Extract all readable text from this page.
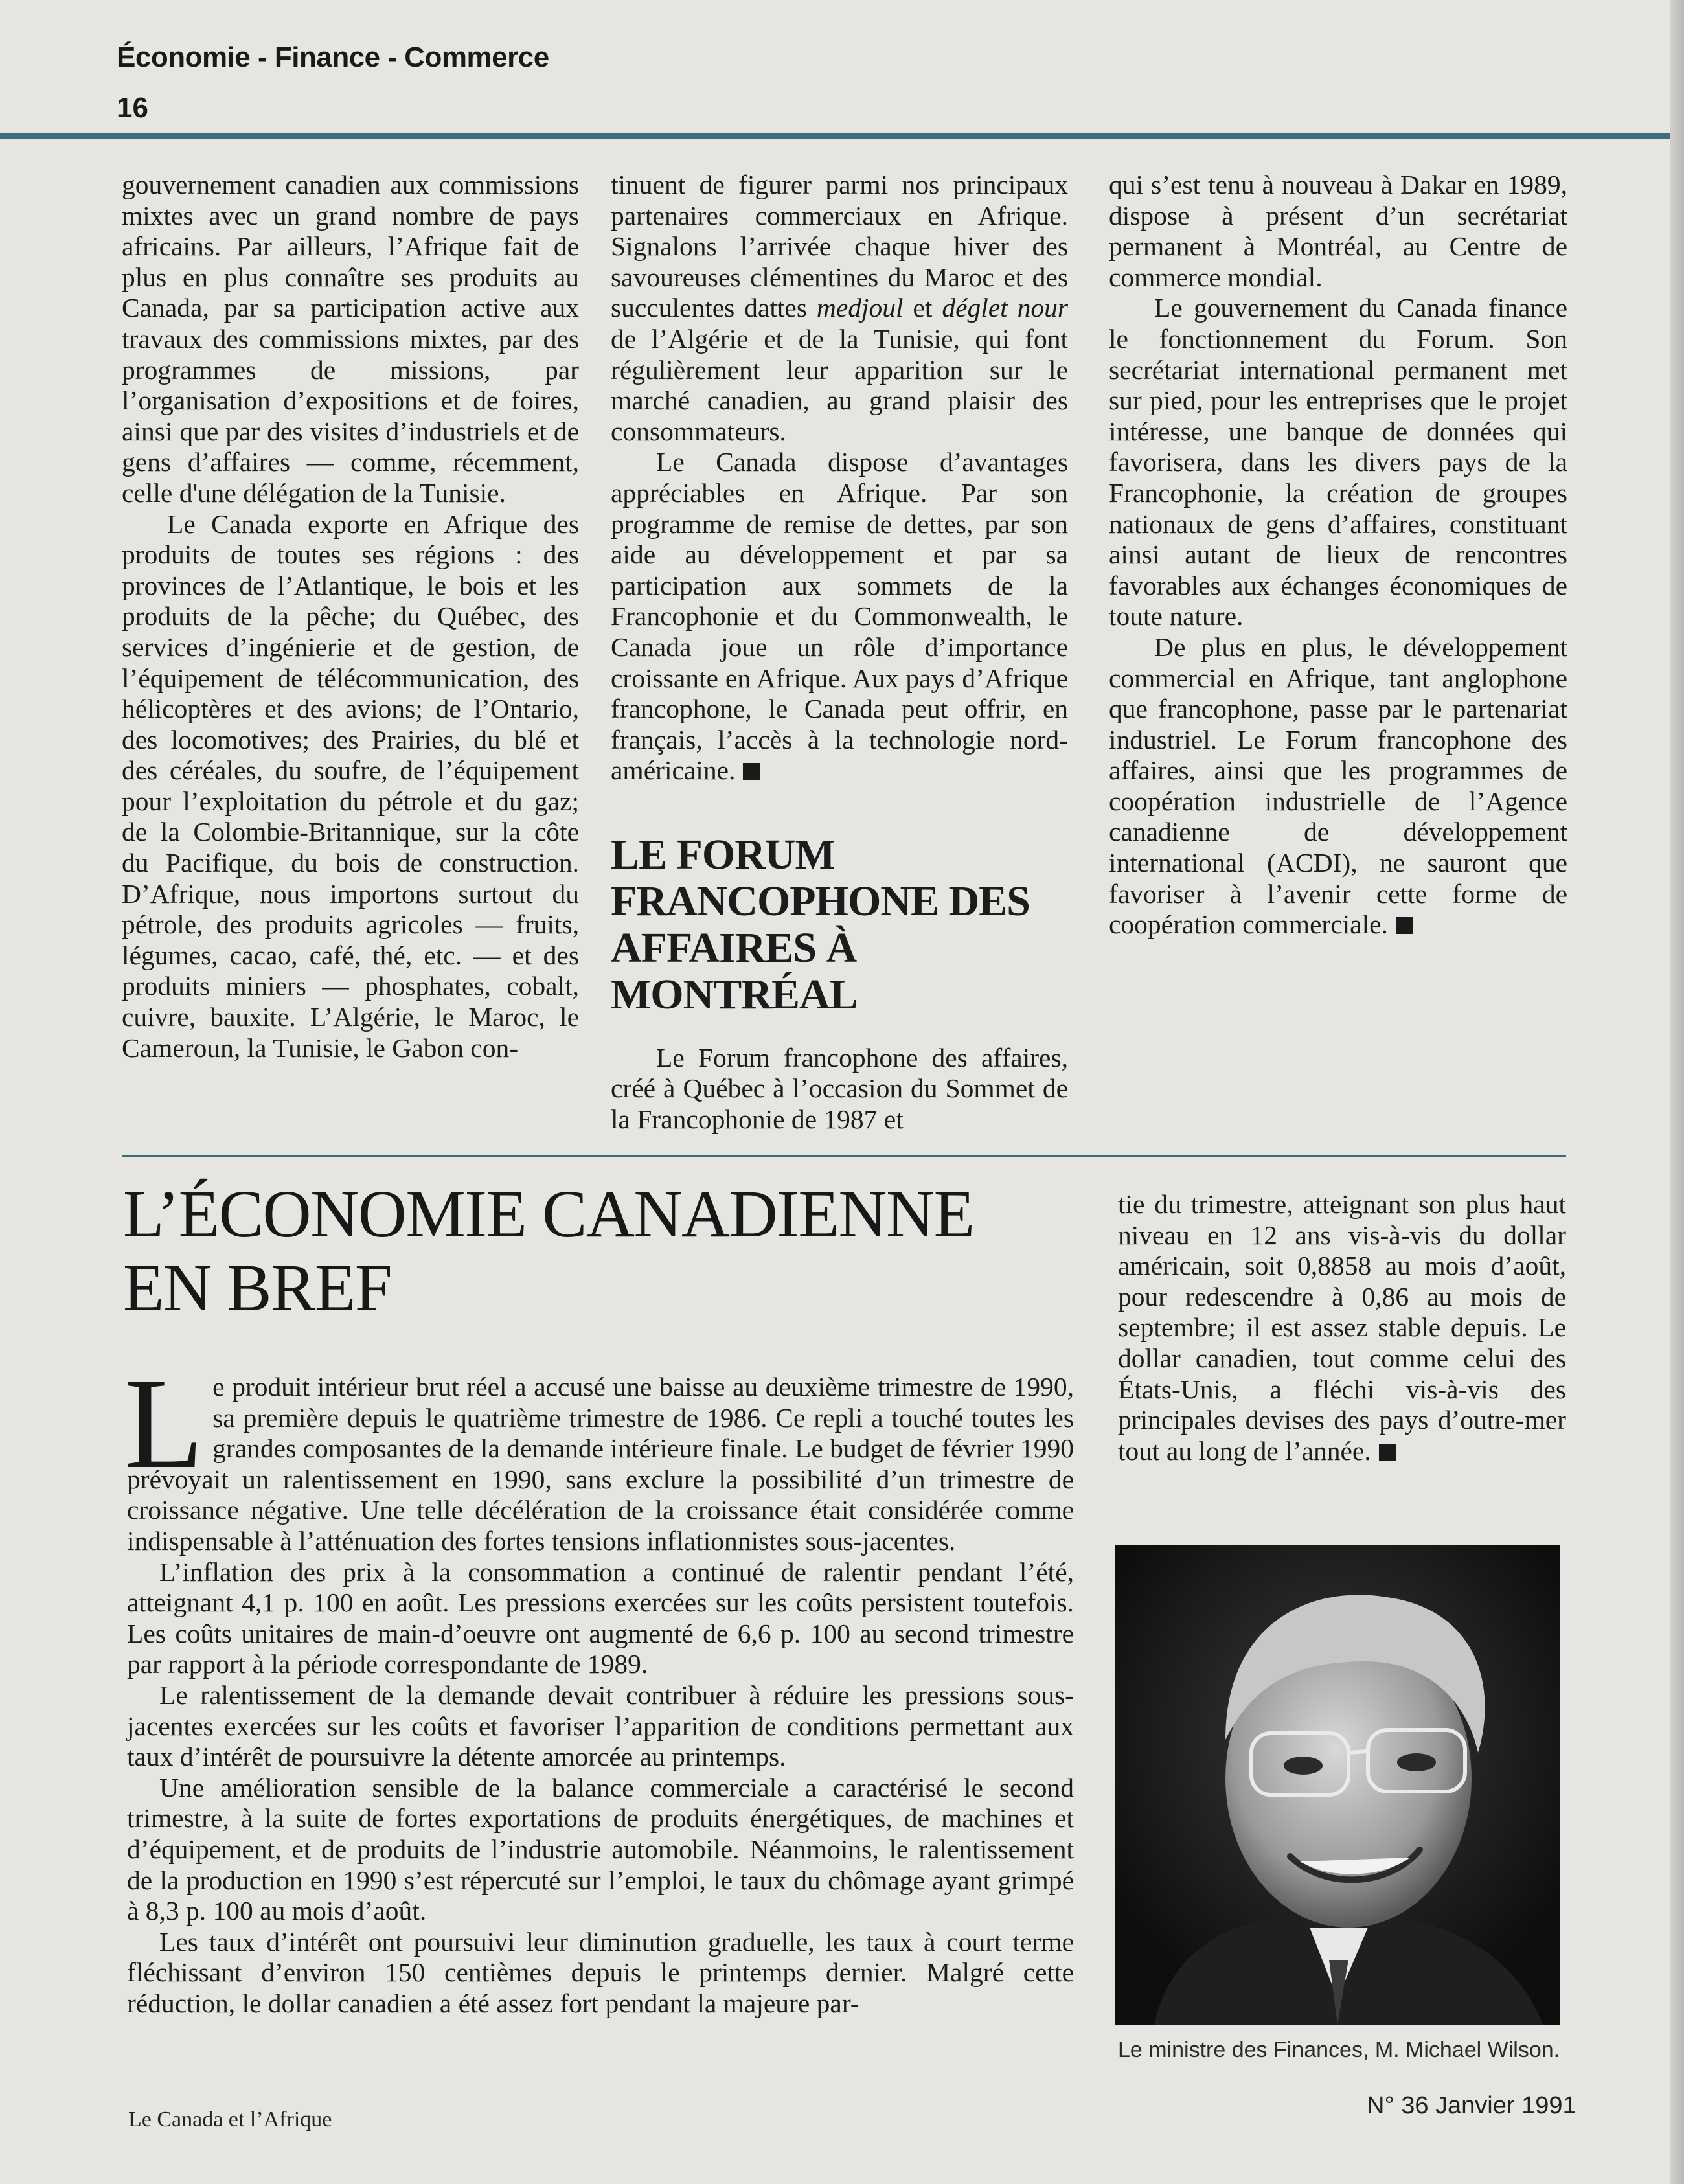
Économie - Finance - Commerce
16

gouvernement canadien aux commissions mixtes avec un grand nombre de pays africains. Par ailleurs, l’Afrique fait de plus en plus connaître ses produits au Canada, par sa participation active aux travaux des commissions mixtes, par des programmes de missions, par l’organisation d’expositions et de foires, ainsi que par des visites d’industriels et de gens d’affaires — comme, récemment, celle d'une délégation de la Tunisie.

Le Canada exporte en Afrique des produits de toutes ses régions : des provinces de l’Atlantique, le bois et les produits de la pêche; du Québec, des services d’ingénierie et de gestion, de l’équipement de télécommunication, des hélicoptères et des avions; de l’Ontario, des locomotives; des Prairies, du blé et des céréales, du soufre, de l’équipement pour l’exploitation du pétrole et du gaz; de la Colombie-Britannique, sur la côte du Pacifique, du bois de construction. D’Afrique, nous importons surtout du pétrole, des produits agricoles — fruits, légumes, cacao, café, thé, etc. — et des produits miniers — phosphates, cobalt, cuivre, bauxite. L’Algérie, le Maroc, le Cameroun, la Tunisie, le Gabon con-

tinuent de figurer parmi nos principaux partenaires commerciaux en Afrique. Signalons l’arrivée chaque hiver des savoureuses clémentines du Maroc et des succulentes dattes medjoul et déglet nour de l’Algérie et de la Tunisie, qui font régulièrement leur apparition sur le marché canadien, au grand plaisir des consommateurs.

Le Canada dispose d’avantages appréciables en Afrique. Par son programme de remise de dettes, par son aide au développement et par sa participation aux sommets de la Francophonie et du Commonwealth, le Canada joue un rôle d’importance croissante en Afrique. Aux pays d’Afrique francophone, le Canada peut offrir, en français, l’accès à la technologie nord-américaine.

LE FORUM FRANCOPHONE DES AFFAIRES À MONTRÉAL

Le Forum francophone des affaires, créé à Québec à l’occasion du Sommet de la Francophonie de 1987 et

qui s’est tenu à nouveau à Dakar en 1989, dispose à présent d’un secrétariat permanent à Montréal, au Centre de commerce mondial.

Le gouvernement du Canada finance le fonctionnement du Forum. Son secrétariat international permanent met sur pied, pour les entreprises que le projet intéresse, une banque de données qui favorisera, dans les divers pays de la Francophonie, la création de groupes nationaux de gens d’affaires, constituant ainsi autant de lieux de rencontres favorables aux échanges économiques de toute nature.

De plus en plus, le développement commercial en Afrique, tant anglophone que francophone, passe par le partenariat industriel. Le Forum francophone des affaires, ainsi que les programmes de coopération industrielle de l’Agence canadienne de développement international (ACDI), ne sauront que favoriser à l’avenir cette forme de coopération commerciale.

L’ÉCONOMIE CANADIENNE
EN BREF

Le produit intérieur brut réel a accusé une baisse au deuxième trimestre de 1990, sa première depuis le quatrième trimestre de 1986. Ce repli a touché toutes les grandes composantes de la demande intérieure finale. Le budget de février 1990 prévoyait un ralentissement en 1990, sans exclure la possibilité d’un trimestre de croissance négative. Une telle décélération de la croissance était considérée comme indispensable à l’atténuation des fortes tensions inflationnistes sous-jacentes.

L’inflation des prix à la consommation a continué de ralentir pendant l’été, atteignant 4,1 p. 100 en août. Les pressions exercées sur les coûts persistent toutefois. Les coûts unitaires de main-d’oeuvre ont augmenté de 6,6 p. 100 au second trimestre par rapport à la période correspondante de 1989.

Le ralentissement de la demande devait contribuer à réduire les pressions sous-jacentes exercées sur les coûts et favoriser l’apparition de conditions permettant aux taux d’intérêt de poursuivre la détente amorcée au printemps.

Une amélioration sensible de la balance commerciale a caractérisé le second trimestre, à la suite de fortes exportations de produits énergétiques, de machines et d’équipement, et de produits de l’industrie automobile. Néanmoins, le ralentissement de la production en 1990 s’est répercuté sur l’emploi, le taux du chômage ayant grimpé à 8,3 p. 100 au mois d’août.

Les taux d’intérêt ont poursuivi leur diminution graduelle, les taux à court terme fléchissant d’environ 150 centièmes depuis le printemps dernier. Malgré cette réduction, le dollar canadien a été assez fort pendant la majeure par-

tie du trimestre, atteignant son plus haut niveau en 12 ans vis-à-vis du dollar américain, soit 0,8858 au mois d’août, pour redescendre à 0,86 au mois de septembre; il est assez stable depuis. Le dollar canadien, tout comme celui des États-Unis, a fléchi vis-à-vis des principales devises des pays d’outre-mer tout au long de l’année.

Le ministre des Finances, M. Michael Wilson.
Le Canada et l’Afrique
N° 36 Janvier 1991
